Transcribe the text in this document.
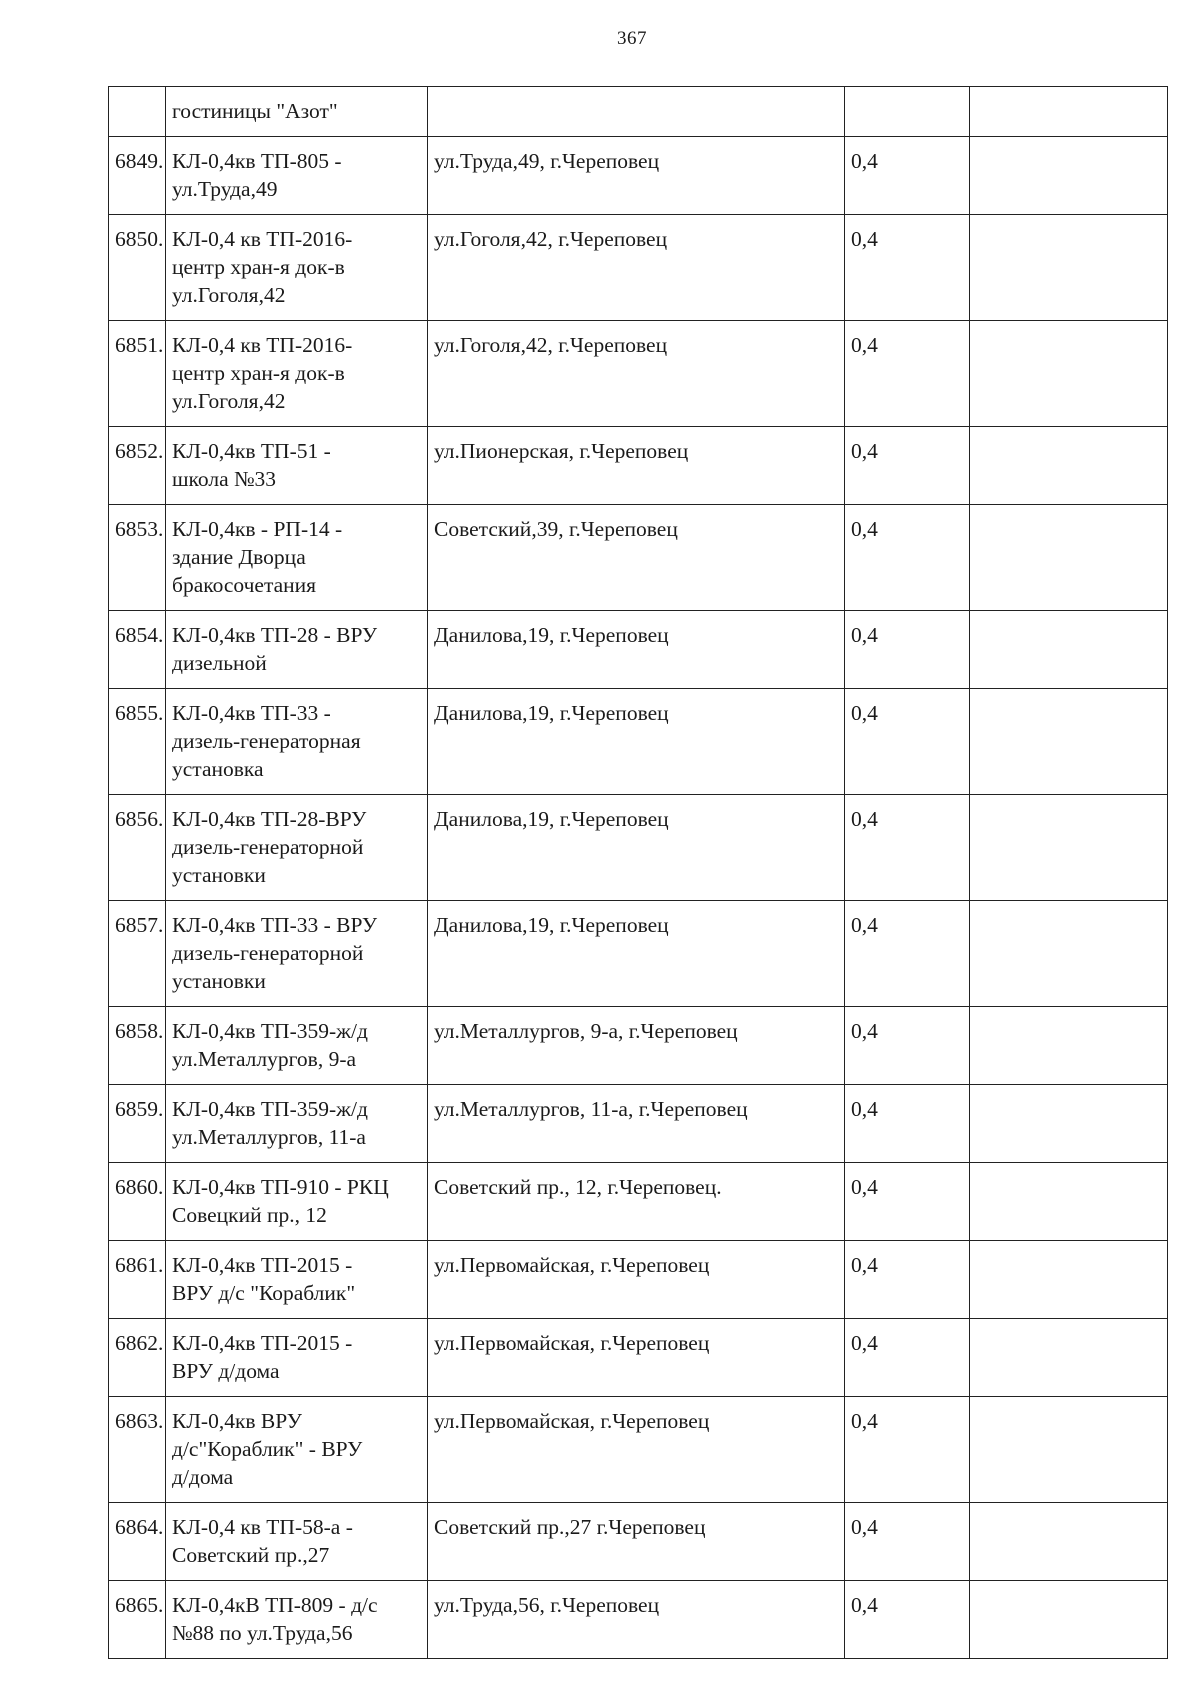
367
	гостиницы "Азот"			
6849.	КЛ-0,4кв ТП-805 -
ул.Труда,49	ул.Труда,49, г.Череповец	0,4	
6850.	КЛ-0,4 кв ТП-2016-
центр хран-я док-в
ул.Гоголя,42	ул.Гоголя,42, г.Череповец	0,4	
6851.	КЛ-0,4 кв ТП-2016-
центр хран-я док-в
ул.Гоголя,42	ул.Гоголя,42, г.Череповец	0,4	
6852.	КЛ-0,4кв ТП-51 -
школа №33	ул.Пионерская, г.Череповец	0,4	
6853.	КЛ-0,4кв - РП-14 -
здание Дворца
бракосочетания	Советский,39, г.Череповец	0,4	
6854.	КЛ-0,4кв ТП-28 - ВРУ
дизельной	Данилова,19, г.Череповец	0,4	
6855.	КЛ-0,4кв ТП-33 -
дизель-генераторная
установка	Данилова,19, г.Череповец	0,4	
6856.	КЛ-0,4кв ТП-28-ВРУ
дизель-генераторной
установки	Данилова,19, г.Череповец	0,4	
6857.	КЛ-0,4кв ТП-33 - ВРУ
дизель-генераторной
установки	Данилова,19, г.Череповец	0,4	
6858.	КЛ-0,4кв ТП-359-ж/д
ул.Металлургов, 9-а	ул.Металлургов, 9-а, г.Череповец	0,4	
6859.	КЛ-0,4кв ТП-359-ж/д
ул.Металлургов, 11-а	ул.Металлургов, 11-а, г.Череповец	0,4	
6860.	КЛ-0,4кв ТП-910 - РКЦ
Совецкий пр., 12	Советский пр., 12, г.Череповец.	0,4	
6861.	КЛ-0,4кв ТП-2015 -
ВРУ д/с "Кораблик"	ул.Первомайская, г.Череповец	0,4	
6862.	КЛ-0,4кв ТП-2015 -
ВРУ д/дома	ул.Первомайская, г.Череповец	0,4	
6863.	КЛ-0,4кв ВРУ
д/с"Кораблик" - ВРУ
д/дома	ул.Первомайская, г.Череповец	0,4	
6864.	КЛ-0,4 кв ТП-58-а -
Советский пр.,27	Советский пр.,27 г.Череповец	0,4	
6865.	КЛ-0,4кВ ТП-809 - д/с
№88 по ул.Труда,56	ул.Труда,56, г.Череповец	0,4	
